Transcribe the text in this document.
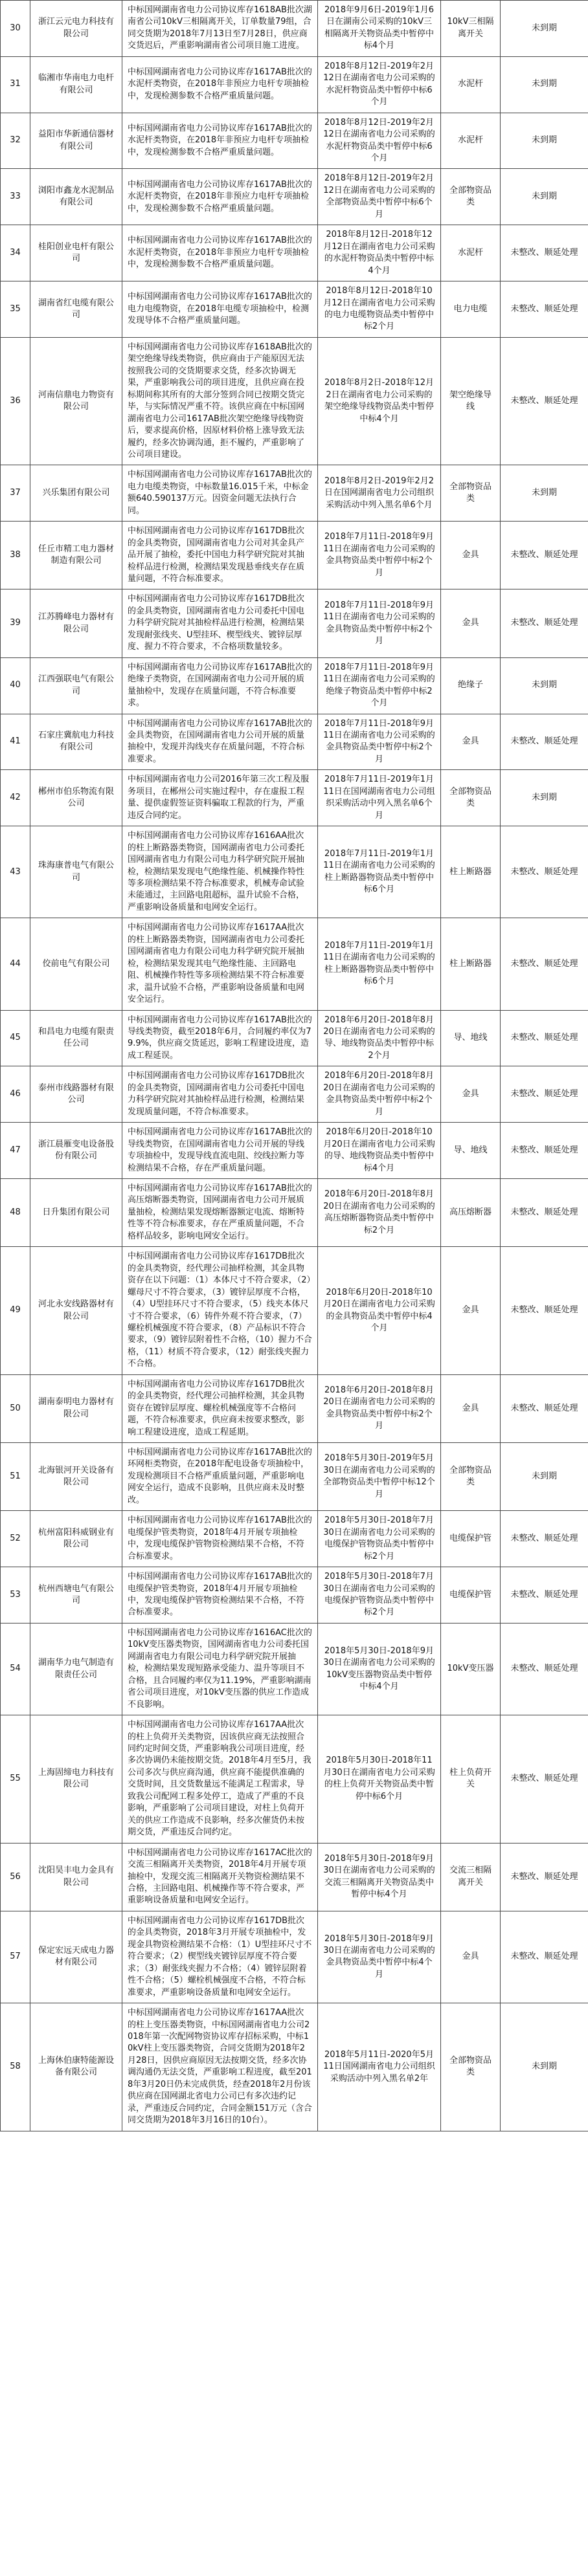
30	浙江云元电力科技有限公司	中标国网湖南省电力公司协议库存1618AB批次湖南省公司10kV三相隔离开关，订单数量79组，合同交货期为2018年7月13日至7月28日，供应商交货迟后，严重影响湖南省公司项目施工进度。	2018年9月6日-2019年1月6日在湖南公司采购的10kV三相隔离开关物资品类中暂停中标4个月	10kV三相隔离开关	未到期
31	临湘市华南电力电杆有限公司	中标国网湖南省电力公司协议库存1617AB批次的水泥杆类物资，在2018年非预应力电杆专项抽检中，发现检测参数不合格严重质量问题。	2018年8月12日-2019年2月12日在湖南省电力公司采购的水泥杆物资品类中暂停中标6个月	水泥杆	未到期
32	益阳市华新通信器材有限公司	中标国网湖南省电力公司协议库存1617AB批次的水泥杆类物资，在2018年非预应力电杆专项抽检中，发现检测参数不合格严重质量问题。	2018年8月12日-2019年2月12日在湖南省电力公司采购的水泥杆物资品类中暂停中标6个月	水泥杆	未到期
33	浏阳市鑫龙水泥制品有限公司	中标国网湖南省电力公司协议库存1617AB批次的水泥杆类物资，在2018年非预应力电杆专项抽检中，发现检测参数不合格严重质量问题。	2018年8月12日-2019年2月12日在湖南省电力公司采购的全部物资品类中暂停中标6个月	全部物资品类	未到期
34	桂阳创业电杆有限公司	中标国网湖南省电力公司协议库存1617AB批次的水泥杆类物资，在2018年非预应力电杆专项抽检中，发现检测参数不合格严重质量问题。	2018年8月12日-2018年12月12日在湖南省电力公司采购的水泥杆物资品类中暂停中标4个月	水泥杆	未整改、顺延处理
35	湖南省红电缆有限公司	中标国网湖南省电力公司协议库存1617AB批次的电力电缆物资，在2018年电缆专项抽检中，检测发现导体不合格严重质量问题。	2018年8月12日-2018年10月12日在湖南省电力公司采购的电力电缆物资品类中暂停中标2个月	电力电缆	未整改、顺延处理
36	河南信鼎电力物资有限公司	中标国网湖南省电力公司协议库存1618AB批次的架空绝缘导线类物资，供应商由于产能原因无法按照我公司的交货期要求交货，经多次协调无果，严重影响我公司的项目进度，且供应商在投标期间称其所有的大部分签到合同已按期交货完毕，与实际情况严重不符。该供应商在中标国网湖南省电力公司1617AB批次架空绝缘导线物资后，要求提高价格，因原材料价格上涨导致无法履约，经多次协调沟通，拒不履约，严重影响了公司项目建设。	2018年8月2日-2018年12月2日在湖南省电力公司采购的架空绝缘导线物资品类中暂停中标4个月	架空绝缘导线	未整改、顺延处理
37	兴乐集团有限公司	中标国网湖南省电力公司协议库存1617AB批次的电力电缆类物资，中标数量16.015千米，中标金额640.590137万元。因资金问题无法执行合同。	2018年8月2日-2019年2月2日在国网湖南省电力公司组织采购活动中列入黑名单6个月	全部物资品类	未到期
38	任丘市精工电力器材制造有限公司	中标国网湖南省电力公司协议库存1617DB批次的金具类物资，国网湖南省电力公司对其金具产品开展了抽检，委托中国电力科学研究院对其抽检样品进行检测，检测结果发现悬垂线夹存在质量问题，不符合标准要求。	2018年7月11日-2018年9月11日在湖南省电力公司采购的金具物资品类中暂停中标2个月	金具	未整改、顺延处理
39	江苏腾峰电力器材有限公司	中标国网湖南省电力公司协议库存1617DB批次的金具类物资，国网湖南省电力公司委托中国电力科学研究院对其抽检样品进行检测，检测结果发现耐张线夹、U型挂环、楔型线夹、镀锌层厚度、握力不符合要求，不合格项数量较多。	2018年7月11日-2018年9月11日在湖南省电力公司采购的金具物资品类中暂停中标2个月	金具	未整改、顺延处理
40	江西强联电气有限公司	中标国网湖南省电力公司协议库存1617AB批次的绝缘子类物资，在国网湖南省电力公司开展的质量抽检中，发现存在质量问题，不符合标准要求。	2018年7月11日-2018年9月11日在湖南省电力公司采购的绝缘子物资品类中暂停中标2个月	绝缘子	未到期
41	石家庄冀航电力科技有限公司	中标国网湖南省电力公司协议库存1617AB批次的金具类物资，在国网湖南省电力公司开展的质量抽检中，发现并沟线夹存在质量问题，不符合标准要求。	2018年7月11日-2018年9月11日在湖南省电力公司采购的金具物资品类中暂停中标2个月	金具	未整改、顺延处理
42	郴州市伯乐物流有限公司	中标国网湖南省电力公司2016年第三次工程及服务项目，在郴州公司实施过程中，存在虚报工程量、提供虚假签证资料骗取工程款的行为，严重违反合同约定。	2018年7月11日-2019年1月11日在国网湖南省电力公司组织采购活动中列入黑名单6个月	全部物资品类	未到期
43	珠海康普电气有限公司	中标国网湖南省电力公司协议库存1616AA批次的柱上断路器类物资，国网湖南省电力公司委托国网湖南省电力有限公司电力科学研究院开展抽检，检测结果发现电气绝缘性能、机械操作特性等多项检测结果不符合标准要求，机械寿命试验未能通过，主回路电阻超标，温升试验不合格，严重影响设备质量和电网安全运行。	2018年7月11日-2019年1月11日在湖南省电力公司采购的柱上断路器物资品类中暂停中标6个月	柱上断路器	未整改、顺延处理
44	佼前电气有限公司	中标国网湖南省电力公司协议库存1617AA批次的柱上断路器类物资，国网湖南省电力公司委托国网湖南省电力有限公司电力科学研究院开展抽检，检测结果发现其电气绝缘性能、主回路电阻、机械操作特性等多项检测结果不符合标准要求，温升试验不合格，严重影响设备质量和电网安全运行。	2018年7月11日-2019年1月11日在湖南省电力公司采购的柱上断路器物资品类中暂停中标6个月	柱上断路器	未整改、顺延处理
45	和昌电力电缆有限责任公司	中标国网湖南省电力公司协议库存1617AB批次的导线类物资，截至2018年6月，合同履约率仅为79.9%，供应商交货延迟，影响工程建设进度，造成工程延误。	2018年6月20日-2018年8月20日在湖南省电力公司采购的导、地线物资品类中暂停中标2个月	导、地线	未整改、顺延处理
46	泰州市线路器材有限公司	中标国网湖南省电力公司协议库存1617DB批次的金具类物资，国网湖南省电力公司委托中国电力科学研究院对其抽检样品进行检测，检测结果发现质量问题，不符合标准要求。	2018年6月20日-2018年8月20日在湖南省电力公司采购的金具物资品类中暂停中标2个月	金具	未整改、顺延处理
47	浙江晨雁变电设备股份有限公司	中标国网湖南省电力公司协议库存1617AB批次的导线类物资，在国网湖南省电力公司开展的导线专项抽检中，发现导线直流电阻、绞线拉断力等检测结果不合格，存在严重质量问题。	2018年6月20日-2018年10月20日在湖南省电力公司采购的导、地线物资品类中暂停中标4个月	导、地线	未整改、顺延处理
48	日升集团有限公司	中标国网湖南省电力公司协议库存1617AB批次的高压熔断器类物资，国网湖南省电力公司开展质量抽检，检测结果发现熔断器额定电流、熔断特性等不符合标准要求，存在严重质量问题，不合格样品较多，影响电网安全运行。	2018年6月20日-2018年8月20日在湖南省电力公司采购的高压熔断器物资品类中暂停中标2个月	高压熔断器	未整改、顺延处理
49	河北永安线路器材有限公司	中标国网湖南省电力公司协议库存1617DB批次的金具类物资，经代理公司抽样检测，其金具物资存在以下问题：（1）本体尺寸不符合要求，（2）螺母尺寸不符合要求，（3）镀锌层厚度不合格，（4）U型挂环尺寸不符合要求，（5）线夹本体尺寸不符合要求，（6）铸件外观不符合要求，（7）螺栓机械强度不符合要求，（8）产品标识不符合要求，（9）镀锌层附着性不合格，（10）握力不合格，（11）材质不符合要求，（12）耐张线夹握力不合格。	2018年6月20日-2018年10月20日在湖南省电力公司采购的金具物资品类中暂停中标4个月	金具	未整改、顺延处理
50	湖南泰明电力器材有限公司	中标国网湖南省电力公司协议库存1617DB批次的金具类物资，经代理公司抽样检测，其金具物资存在镀锌层厚度、螺栓机械强度等不合格问题，不符合标准要求，供应商未按要求整改，影响工程建设进度，造成工程延期。	2018年6月20日-2018年8月20日在湖南省电力公司采购的金具物资品类中暂停中标2个月	金具	未整改、顺延处理
51	北海银河开关设备有限公司	中标国网湖南省电力公司协议库存1617AB批次的环网柜类物资，在2018年配电设备专项抽检中，发现检测项目不合格严重质量问题，严重影响电网安全运行，造成不良影响，且供应商未及时整改。	2018年5月30日-2019年5月30日在湖南省电力公司采购的全部物资品类中暂停中标12个月	全部物资品类	未到期
52	杭州富阳科威钢业有限公司	中标国网湖南省电力公司协议库存1617AB批次的电缆保护管类物资，2018年4月开展专项抽检中，发现电缆保护管物资检测结果不合格，不符合标准要求。	2018年5月30日-2018年7月30日在湖南省电力公司采购的电缆保护管物资品类中暂停中标2个月	电缆保护管	未整改、顺延处理
53	杭州西塘电气有限公司	中标国网湖南省电力公司协议库存1617AB批次的电缆保护管类物资，2018年4月开展专项抽检中，发现电缆保护管物资检测结果不合格，不符合标准要求。	2018年5月30日-2018年7月30日在湖南省电力公司采购的电缆保护管物资品类中暂停中标2个月	电缆保护管	未整改、顺延处理
54	湖南华力电气制造有限责任公司	中标国网湖南省电力公司协议库存1616AC批次的10kV变压器类物资，国网湖南省电力公司委托国网湖南省电力有限公司电力科学研究院开展抽检，检测结果发现短路承受能力、温升等项目不合格，且合同履约率仅为11.19%，严重影响湖南省公司项目进度，对10kV变压器的供应工作造成不良影响。	2018年5月30日-2018年9月30日在湖南省电力公司采购的10kV变压器物资品类中暂停中标4个月	10kV变压器	未整改、顺延处理
55	上海固缔电力科技有限公司	中标国网湖南省电力公司协议库存1617AA批次的柱上负荷开关类物资，因该供应商无法按照合同约定时间交货，严重影响我公司项目进度，经多次协调仍未能按期交货。2018年4月至5月，我公司多次与供应商沟通，供应商不能提供准确的交货时间，且交货数量远不能满足工程需求，导致我公司配网工程多处停工，造成了严重的不良影响，严重影响了公司项目建设，对柱上负荷开关的供应工作造成不良影响，经多次催货仍未按期交货，严重违反合同约定。	2018年5月30日-2018年11月30日在湖南省电力公司采购的柱上负荷开关物资品类中暂停中标6个月	柱上负荷开关	未整改、顺延处理
56	沈阳昊丰电力金具有限公司	中标国网湖南省电力公司协议库存1617AC批次的交流三相隔离开关类物资，2018年4月开展专项抽检中，发现交流三相隔离开关物资检测结果不合格，主回路电阻、机械操作等不符合要求，严重影响设备质量和电网安全运行。	2018年5月30日-2018年9月30日在湖南省电力公司采购的交流三相隔离开关物资品类中暂停中标4个月	交流三相隔离开关	未整改、顺延处理
57	保定宏远天成电力器材有限公司	中标国网湖南省电力公司协议库存1617DB批次的金具类物资，2018年3月开展专项抽检中，发现金具物资检测结果不合格：（1）U型挂环尺寸不符合要求；（2）楔型线夹镀锌层厚度不符合要求；（3）耐张线夹握力不合格；（4）镀锌层附着性不合格；（5）螺栓机械强度不合格，不符合标准要求，严重影响设备质量和电网安全运行。	2018年5月30日-2018年9月30日在湖南省电力公司采购的金具物资品类中暂停中标4个月	金具	未整改、顺延处理
58	上海休伯康特能源设备有限公司	中标国网湖南省电力公司协议库存1617AA批次的柱上变压器类物资，中标国网湖南省电力公司2018年第一次配网物资协议库存招标采购，中标10kV柱上变压器类物资，合同交货期为2018年2月28日，因供应商原因无法按期交货，经多次协调沟通仍无法交货，严重影响工程进度，截至2018年3月20日仍未完成供货，经查2018年2月份该供应商在国网湖北省电力公司已有多次违约记录，严重违反合同约定，合同金额151万元（含合同交货期为2018年3月16日的10台）。	2018年5月11日-2020年5月11日国网湖南省电力公司组织采购活动中列入黑名单2年	全部物资品类	未到期
